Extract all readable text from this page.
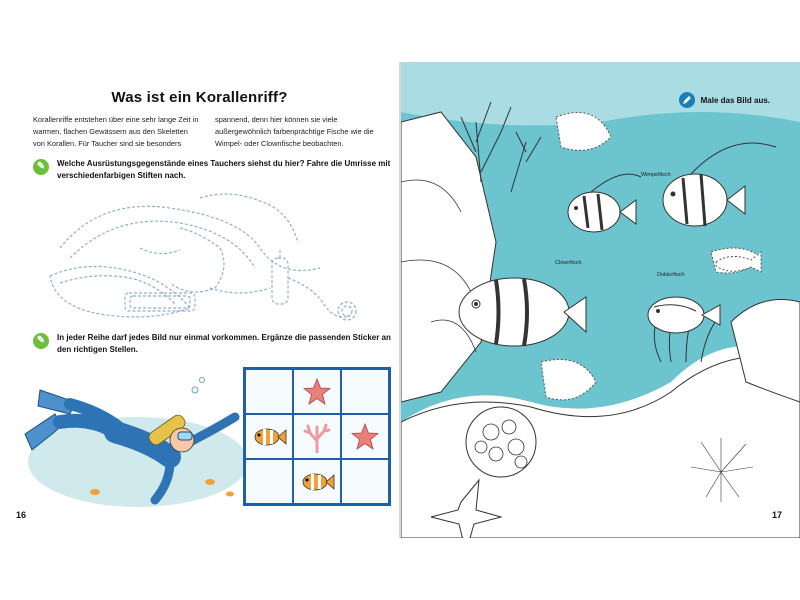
Was ist ein Korallenriff?
Korallenriffe entstehen über eine sehr lange Zeit in warmen, flachen Gewässern aus den Skeletten von Korallen. Für Taucher sind sie besonders
spannend, denn hier können sie viele außergewöhnlich farbenprächtige Fische wie die Wimpel- oder Clownfische beobachten.
✎	Welche Ausrüstungsgegenstände eines Tauchers siehst du hier? Fahre die Umrisse mit verschiedenfarbigen Stiften nach.
✎	In jeder Reihe darf jedes Bild nur einmal vorkommen. Ergänze die passenden Sticker an den richtigen Stellen.
16
Male das Bild aus.
Wimpelfisch
Clownfisch
Doktorfisch
17
